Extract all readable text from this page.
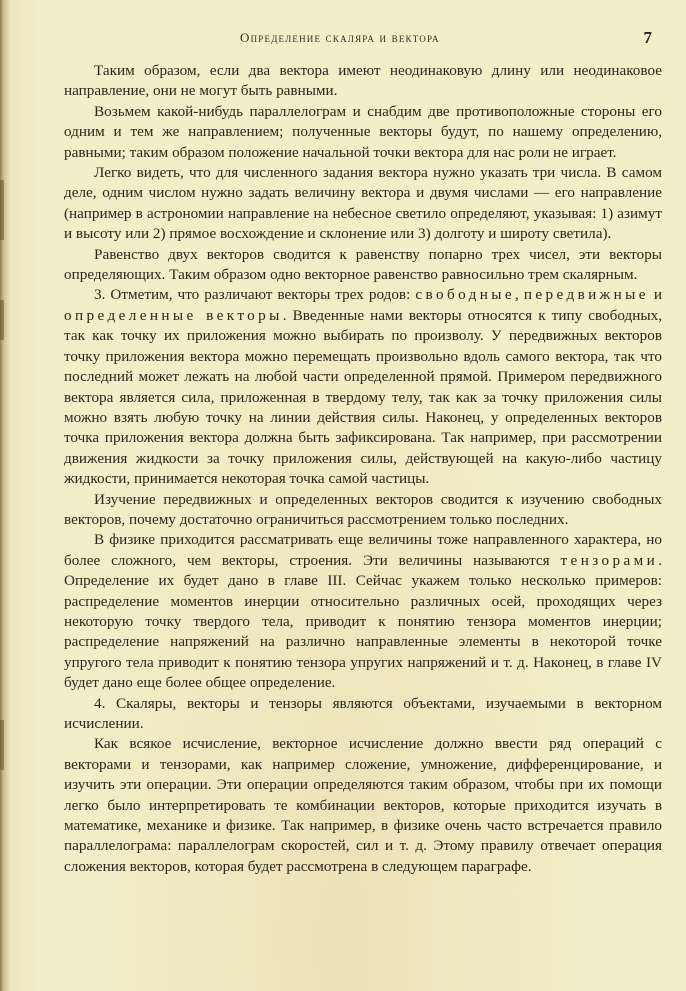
Определение скаляра и вектора	7

Таким образом, если два вектора имеют неодинаковую длину или неодинаковое направление, они не могут быть равными.

Возьмем какой-нибудь параллелограм и снабдим две противоположные стороны его одним и тем же направлением; полученные векторы будут, по нашему определению, равными; таким образом положение начальной точки вектора для нас роли не играет.

Легко видеть, что для численного задания вектора нужно указать три числа. В самом деле, одним числом нужно задать величину вектора и двумя числами — его направление (например в астрономии направление на небесное светило определяют, указывая: 1) азимут и высоту или 2) прямое восхождение и склонение или 3) долготу и широту светила).

Равенство двух векторов сводится к равенству попарно трех чисел, эти векторы определяющих. Таким образом одно векторное равенство равносильно трем скалярным.

3. Отметим, что различают векторы трех родов: свободные, передвижные и определенные векторы. Введенные нами векторы относятся к типу свободных, так как точку их приложения можно выбирать по произволу. У передвижных векторов точку приложения вектора можно перемещать произвольно вдоль самого вектора, так что последний может лежать на любой части определенной прямой. Примером передвижного вектора является сила, приложенная в твердому телу, так как за точку приложения силы можно взять любую точку на линии действия силы. Наконец, у определенных векторов точка приложения вектора должна быть зафиксирована. Так например, при рассмотрении движения жидкости за точку приложения силы, действующей на какую-либо частицу жидкости, принимается некоторая точка самой частицы.

Изучение передвижных и определенных векторов сводится к изучению свободных векторов, почему достаточно ограничиться рассмотрением только последних.

В физике приходится рассматривать еще величины тоже направленного характера, но более сложного, чем векторы, строения. Эти величины называются тензорами. Определение их будет дано в главе III. Сейчас укажем только несколько примеров: распределение моментов инерции относительно различных осей, проходящих через некоторую точку твердого тела, приводит к понятию тензора моментов инерции; распределение напряжений на различно направленные элементы в некоторой точке упругого тела приводит к понятию тензора упругих напряжений и т. д. Наконец, в главе IV будет дано еще более общее определение.

4. Скаляры, векторы и тензоры являются объектами, изучаемыми в векторном исчислении.

Как всякое исчисление, векторное исчисление должно ввести ряд операций с векторами и тензорами, как например сложение, умножение, дифференцирование, и изучить эти операции. Эти операции определяются таким образом, чтобы при их помощи легко было интерпретировать те комбинации векторов, которые приходится изучать в математике, механике и физике. Так например, в физике очень часто встречается правило параллелограма: параллелограм скоростей, сил и т. д. Этому правилу отвечает операция сложения векторов, которая будет рассмотрена в следующем параграфе.
